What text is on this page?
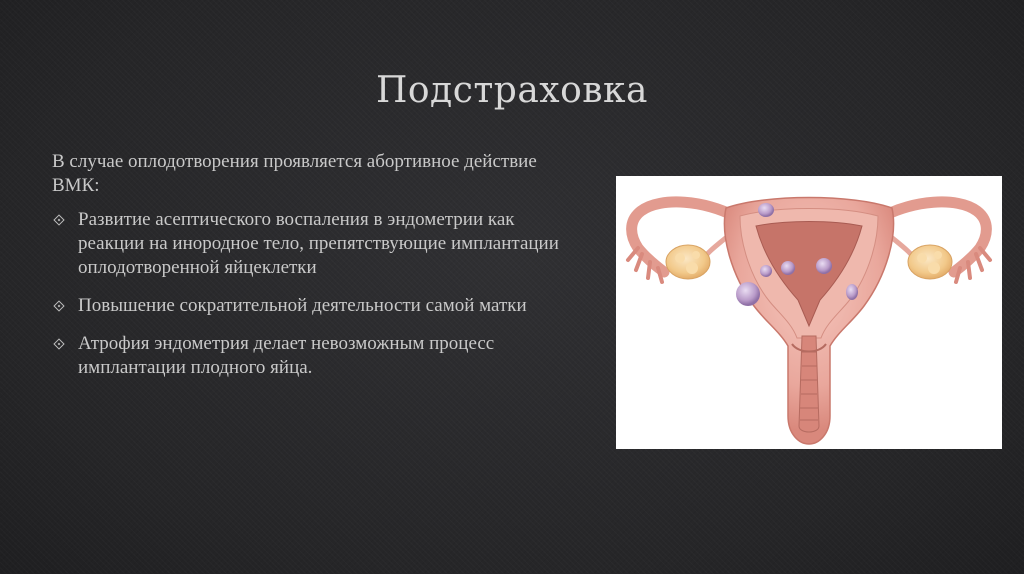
Подстраховка
В случае оплодотворения проявляется абортивное действие ВМК:
Развитие асептического воспаления в эндометрии как реакции на инородное тело, препятствующие имплантации оплодотворенной яйцеклетки
Повышение сократительной деятельности самой матки
Атрофия эндометрия делает невозможным процесс имплантации плодного яйца.
